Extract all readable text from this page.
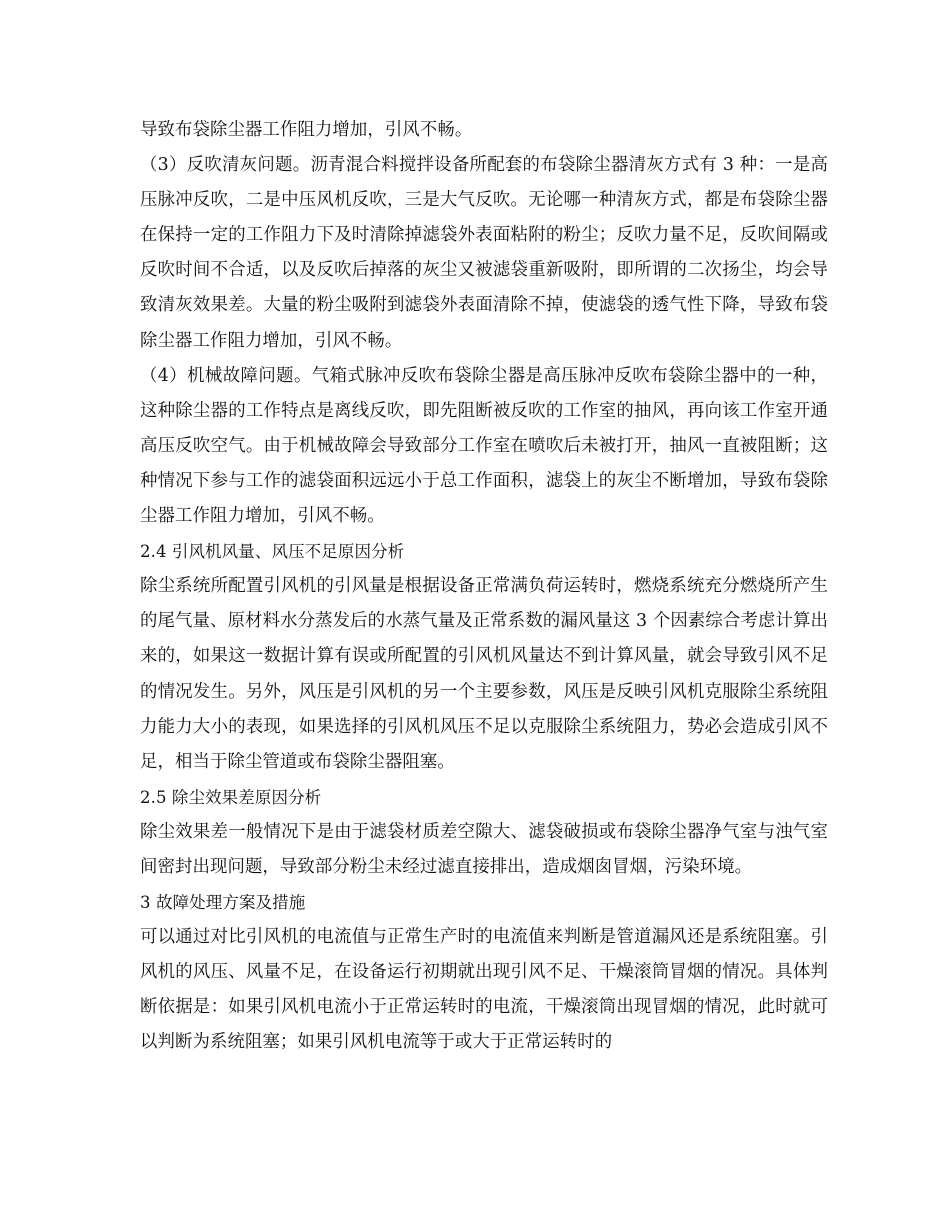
导致布袋除尘器工作阻力增加，引风不畅。

（3）反吹清灰问题。沥青混合料搅拌设备所配套的布袋除尘器清灰方式有 3 种：一是高压脉冲反吹，二是中压风机反吹，三是大气反吹。无论哪一种清灰方式，都是布袋除尘器在保持一定的工作阻力下及时清除掉滤袋外表面粘附的粉尘；反吹力量不足，反吹间隔或反吹时间不合适，以及反吹后掉落的灰尘又被滤袋重新吸附，即所谓的二次扬尘，均会导致清灰效果差。大量的粉尘吸附到滤袋外表面清除不掉，使滤袋的透气性下降，导致布袋除尘器工作阻力增加，引风不畅。

（4）机械故障问题。气箱式脉冲反吹布袋除尘器是高压脉冲反吹布袋除尘器中的一种，这种除尘器的工作特点是离线反吹，即先阻断被反吹的工作室的抽风，再向该工作室开通高压反吹空气。由于机械故障会导致部分工作室在喷吹后未被打开，抽风一直被阻断；这种情况下参与工作的滤袋面积远远小于总工作面积，滤袋上的灰尘不断增加，导致布袋除尘器工作阻力增加，引风不畅。

2.4 引风机风量、风压不足原因分析

除尘系统所配置引风机的引风量是根据设备正常满负荷运转时，燃烧系统充分燃烧所产生的尾气量、原材料水分蒸发后的水蒸气量及正常系数的漏风量这 3 个因素综合考虑计算出来的，如果这一数据计算有误或所配置的引风机风量达不到计算风量，就会导致引风不足的情况发生。另外，风压是引风机的另一个主要参数，风压是反映引风机克服除尘系统阻力能力大小的表现，如果选择的引风机风压不足以克服除尘系统阻力，势必会造成引风不足，相当于除尘管道或布袋除尘器阻塞。

2.5 除尘效果差原因分析

除尘效果差一般情况下是由于滤袋材质差空隙大、滤袋破损或布袋除尘器净气室与浊气室间密封出现问题，导致部分粉尘未经过滤直接排出，造成烟囱冒烟，污染环境。

3 故障处理方案及措施

可以通过对比引风机的电流值与正常生产时的电流值来判断是管道漏风还是系统阻塞。引风机的风压、风量不足，在设备运行初期就出现引风不足、干燥滚筒冒烟的情况。具体判断依据是：如果引风机电流小于正常运转时的电流，干燥滚筒出现冒烟的情况，此时就可以判断为系统阻塞；如果引风机电流等于或大于正常运转时的
